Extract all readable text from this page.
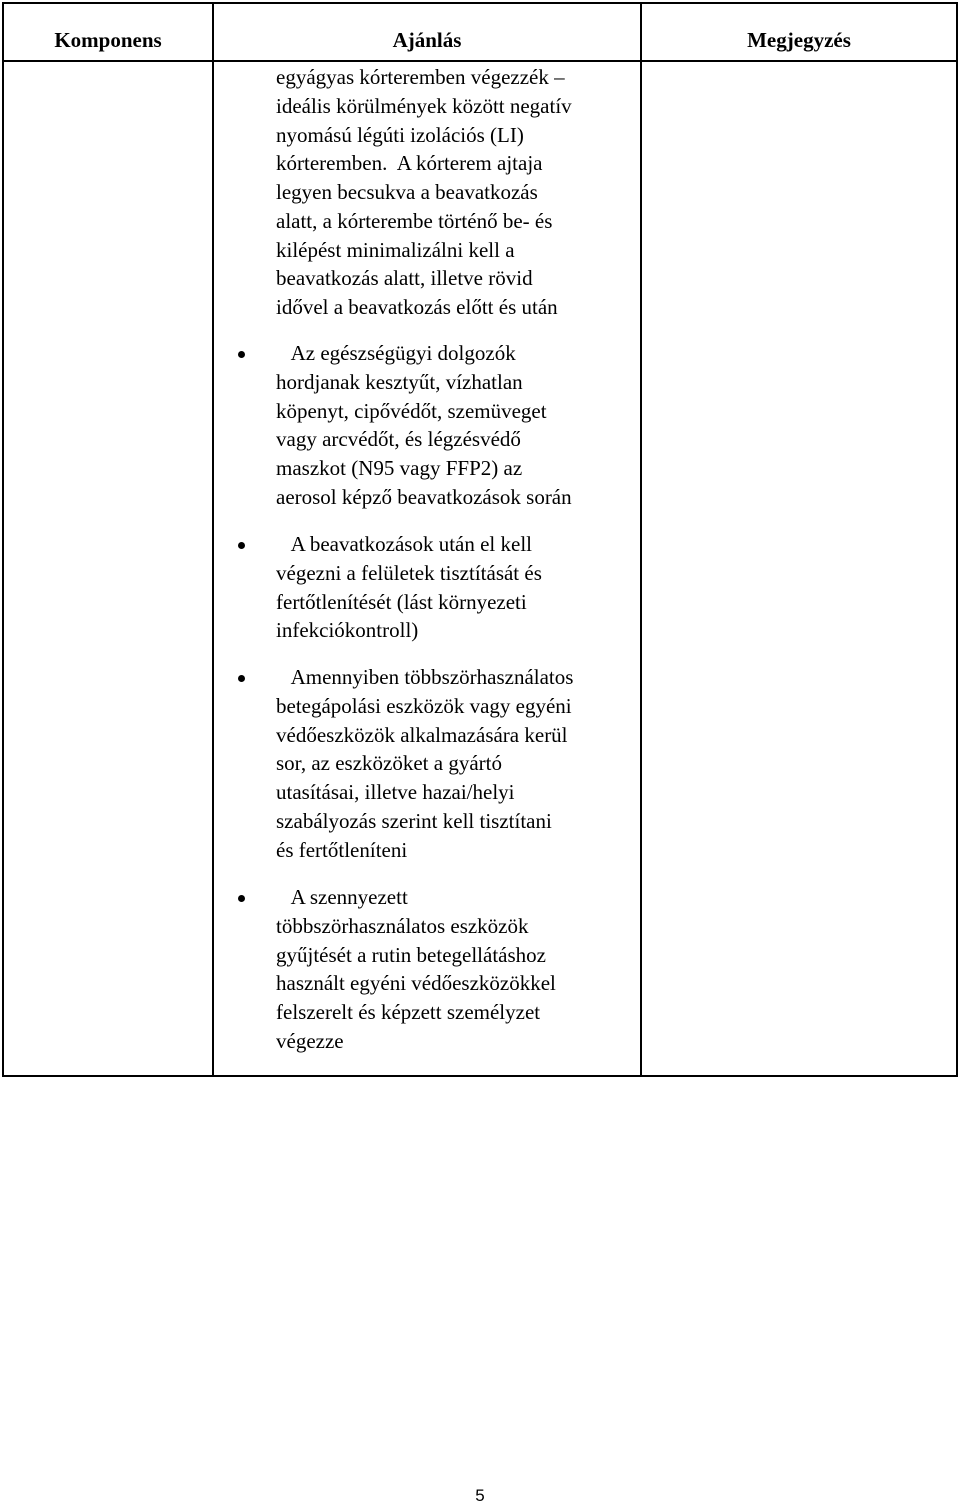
Komponens	Ajánlás	Megjegyzés
egyágyas kórteremben végezzék –
ideális körülmények között negatív
nyomású légúti izolációs (LI)
kórteremben.  A kórterem ajtaja
legyen becsukva a beavatkozás
alatt, a kórterembe történő be- és
kilépést minimalizálni kell a
beavatkozás alatt, illetve rövid
idővel a beavatkozás előtt és után
Az egészségügyi dolgozók
hordjanak kesztyűt, vízhatlan
köpenyt, cipővédőt, szemüveget
vagy arcvédőt, és légzésvédő
maszkot (N95 vagy FFP2) az
aerosol képző beavatkozások során
A beavatkozások után el kell
végezni a felületek tisztítását és
fertőtlenítését (lást környezeti
infekciókontroll)
Amennyiben többszörhasználatos
betegápolási eszközök vagy egyéni
védőeszközök alkalmazására kerül
sor, az eszközöket a gyártó
utasításai, illetve hazai/helyi
szabályozás szerint kell tisztítani
és fertőtleníteni
A szennyezett
többszörhasználatos eszközök
gyűjtését a rutin betegellátáshoz
használt egyéni védőeszközökkel
felszerelt és képzett személyzet
végezze
5
